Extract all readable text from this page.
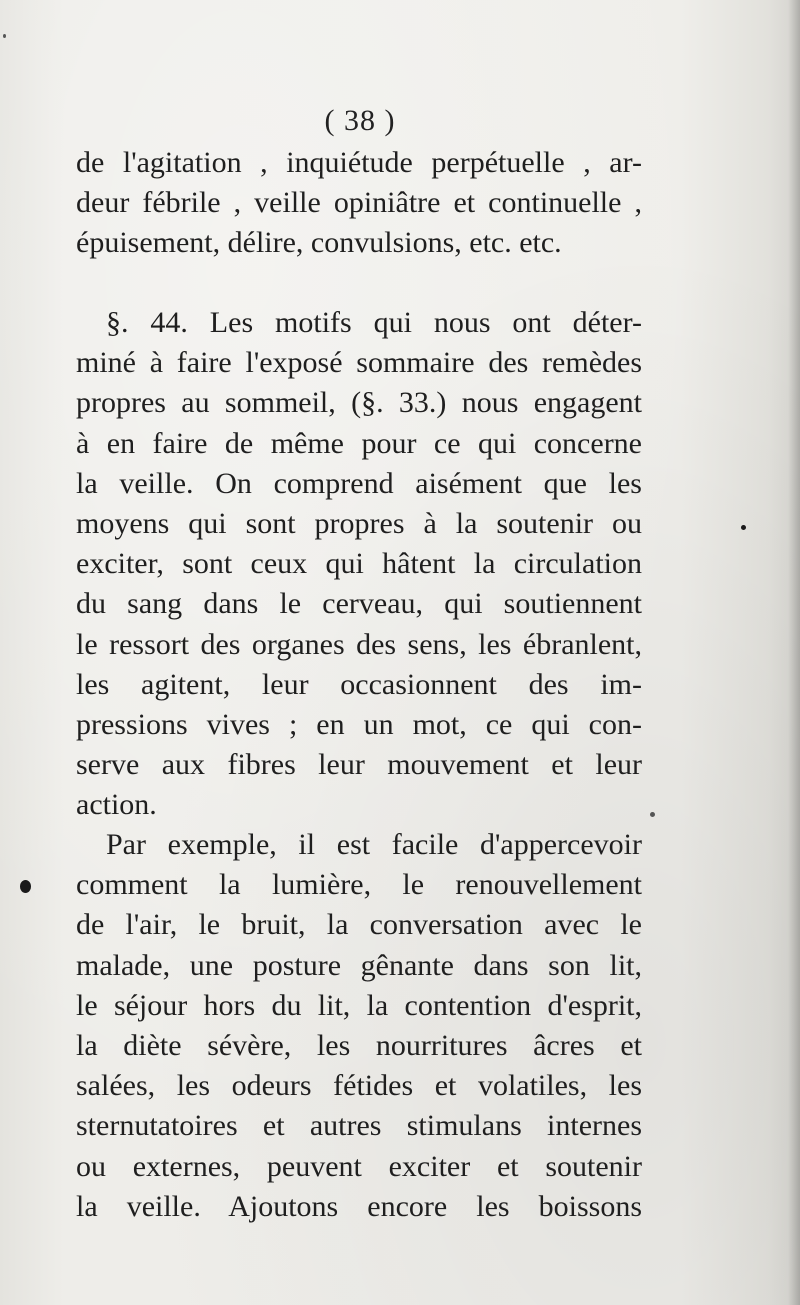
( 38 )
de l'agitation , inquiétude perpétuelle , ar-
deur fébrile , veille opiniâtre et continuelle ,
épuisement, délire, convulsions, etc. etc.
§. 44. Les motifs qui nous ont déter-
miné à faire l'exposé sommaire des remèdes
propres au sommeil, (§. 33.) nous engagent
à en faire de même pour ce qui concerne
la veille. On comprend aisément que les
moyens qui sont propres à la soutenir ou
exciter, sont ceux qui hâtent la circulation
du sang dans le cerveau, qui soutiennent
le ressort des organes des sens, les ébranlent,
les agitent, leur occasionnent des im-
pressions vives ; en un mot, ce qui con-
serve aux fibres leur mouvement et leur
action.
Par exemple, il est facile d'appercevoir
comment la lumière, le renouvellement
de l'air, le bruit, la conversation avec le
malade, une posture gênante dans son lit,
le séjour hors du lit, la contention d'esprit,
la diète sévère, les nourritures âcres et
salées, les odeurs fétides et volatiles, les
sternutatoires et autres stimulans internes
ou externes, peuvent exciter et soutenir
la veille. Ajoutons encore les boissons
